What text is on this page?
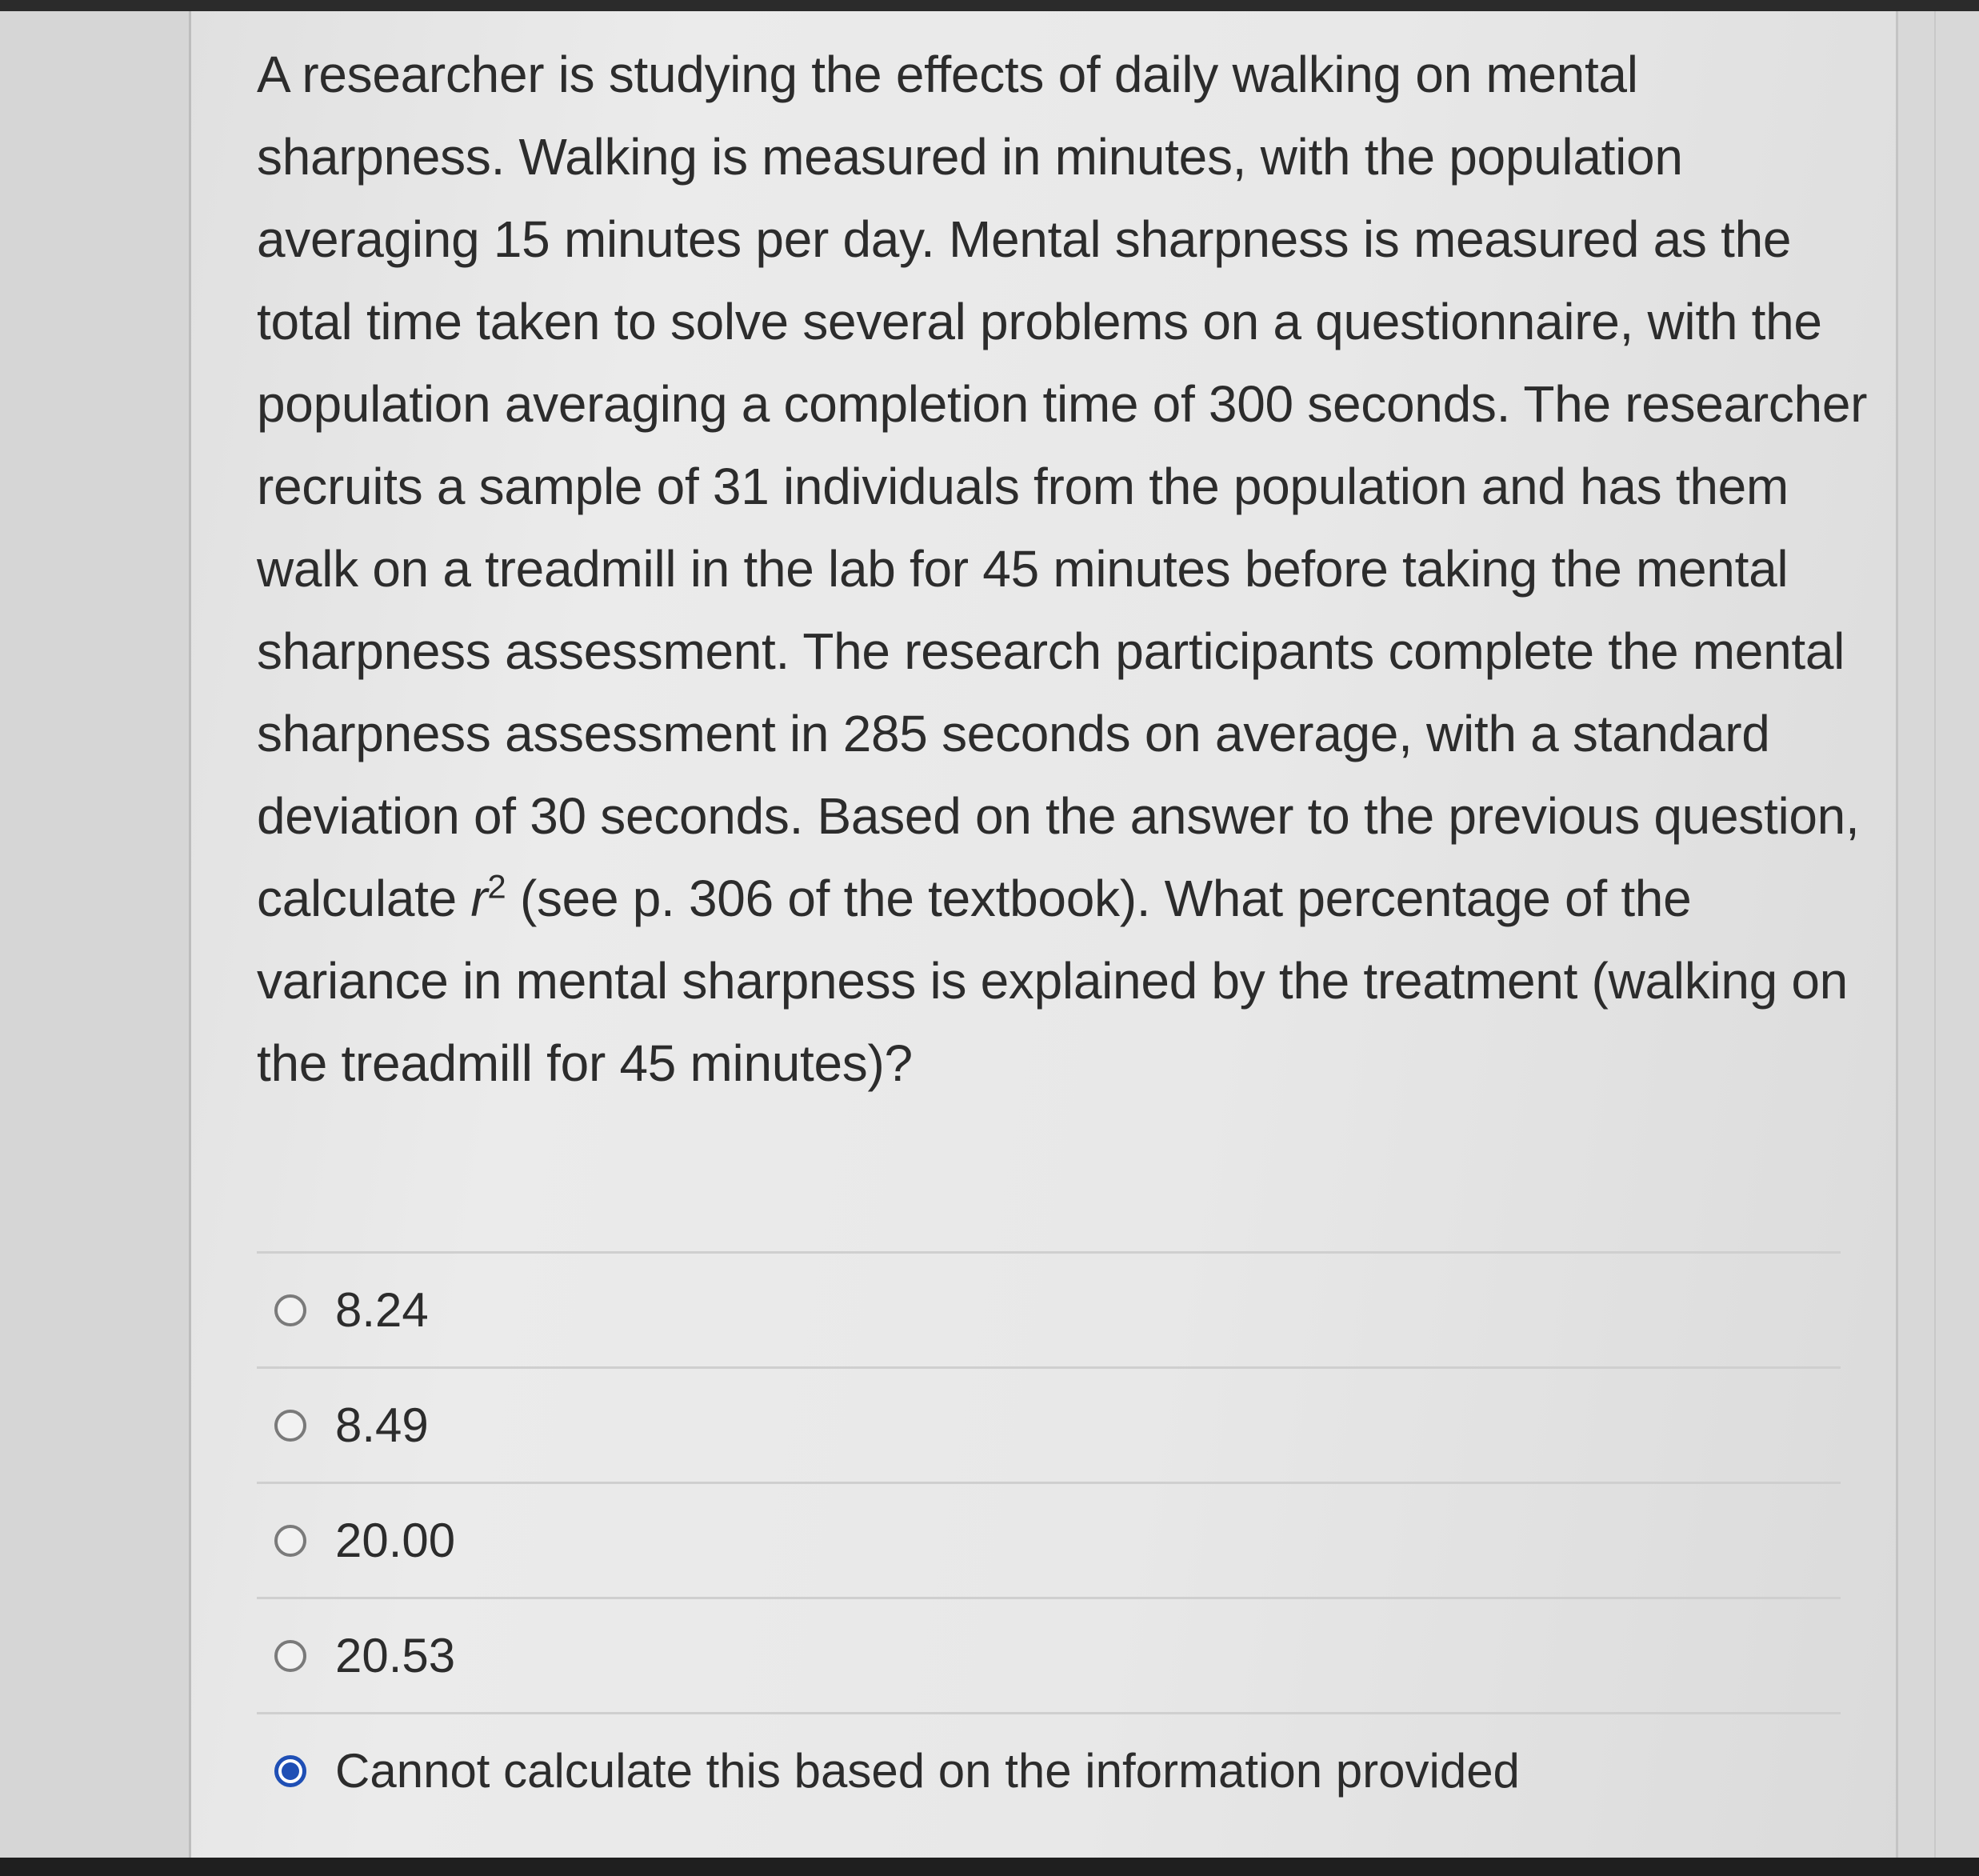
A researcher is studying the effects of daily walking on mental sharpness. Walking is measured in minutes, with the population averaging 15 minutes per day. Mental sharpness is measured as the total time taken to solve several problems on a questionnaire, with the population averaging a completion time of 300 seconds. The researcher recruits a sample of 31 individuals from the population and has them walk on a treadmill in the lab for 45 minutes before taking the mental sharpness assessment. The research participants complete the mental sharpness assessment in 285 seconds on average, with a standard deviation of 30 seconds. Based on the answer to the previous question, calculate $r^2$ (see p. 306 of the textbook). What percentage of the variance in mental sharpness is explained by the treatment (walking on the treadmill for 45 minutes)?

8.24
8.49
20.00
20.53
Cannot calculate this based on the information provided
